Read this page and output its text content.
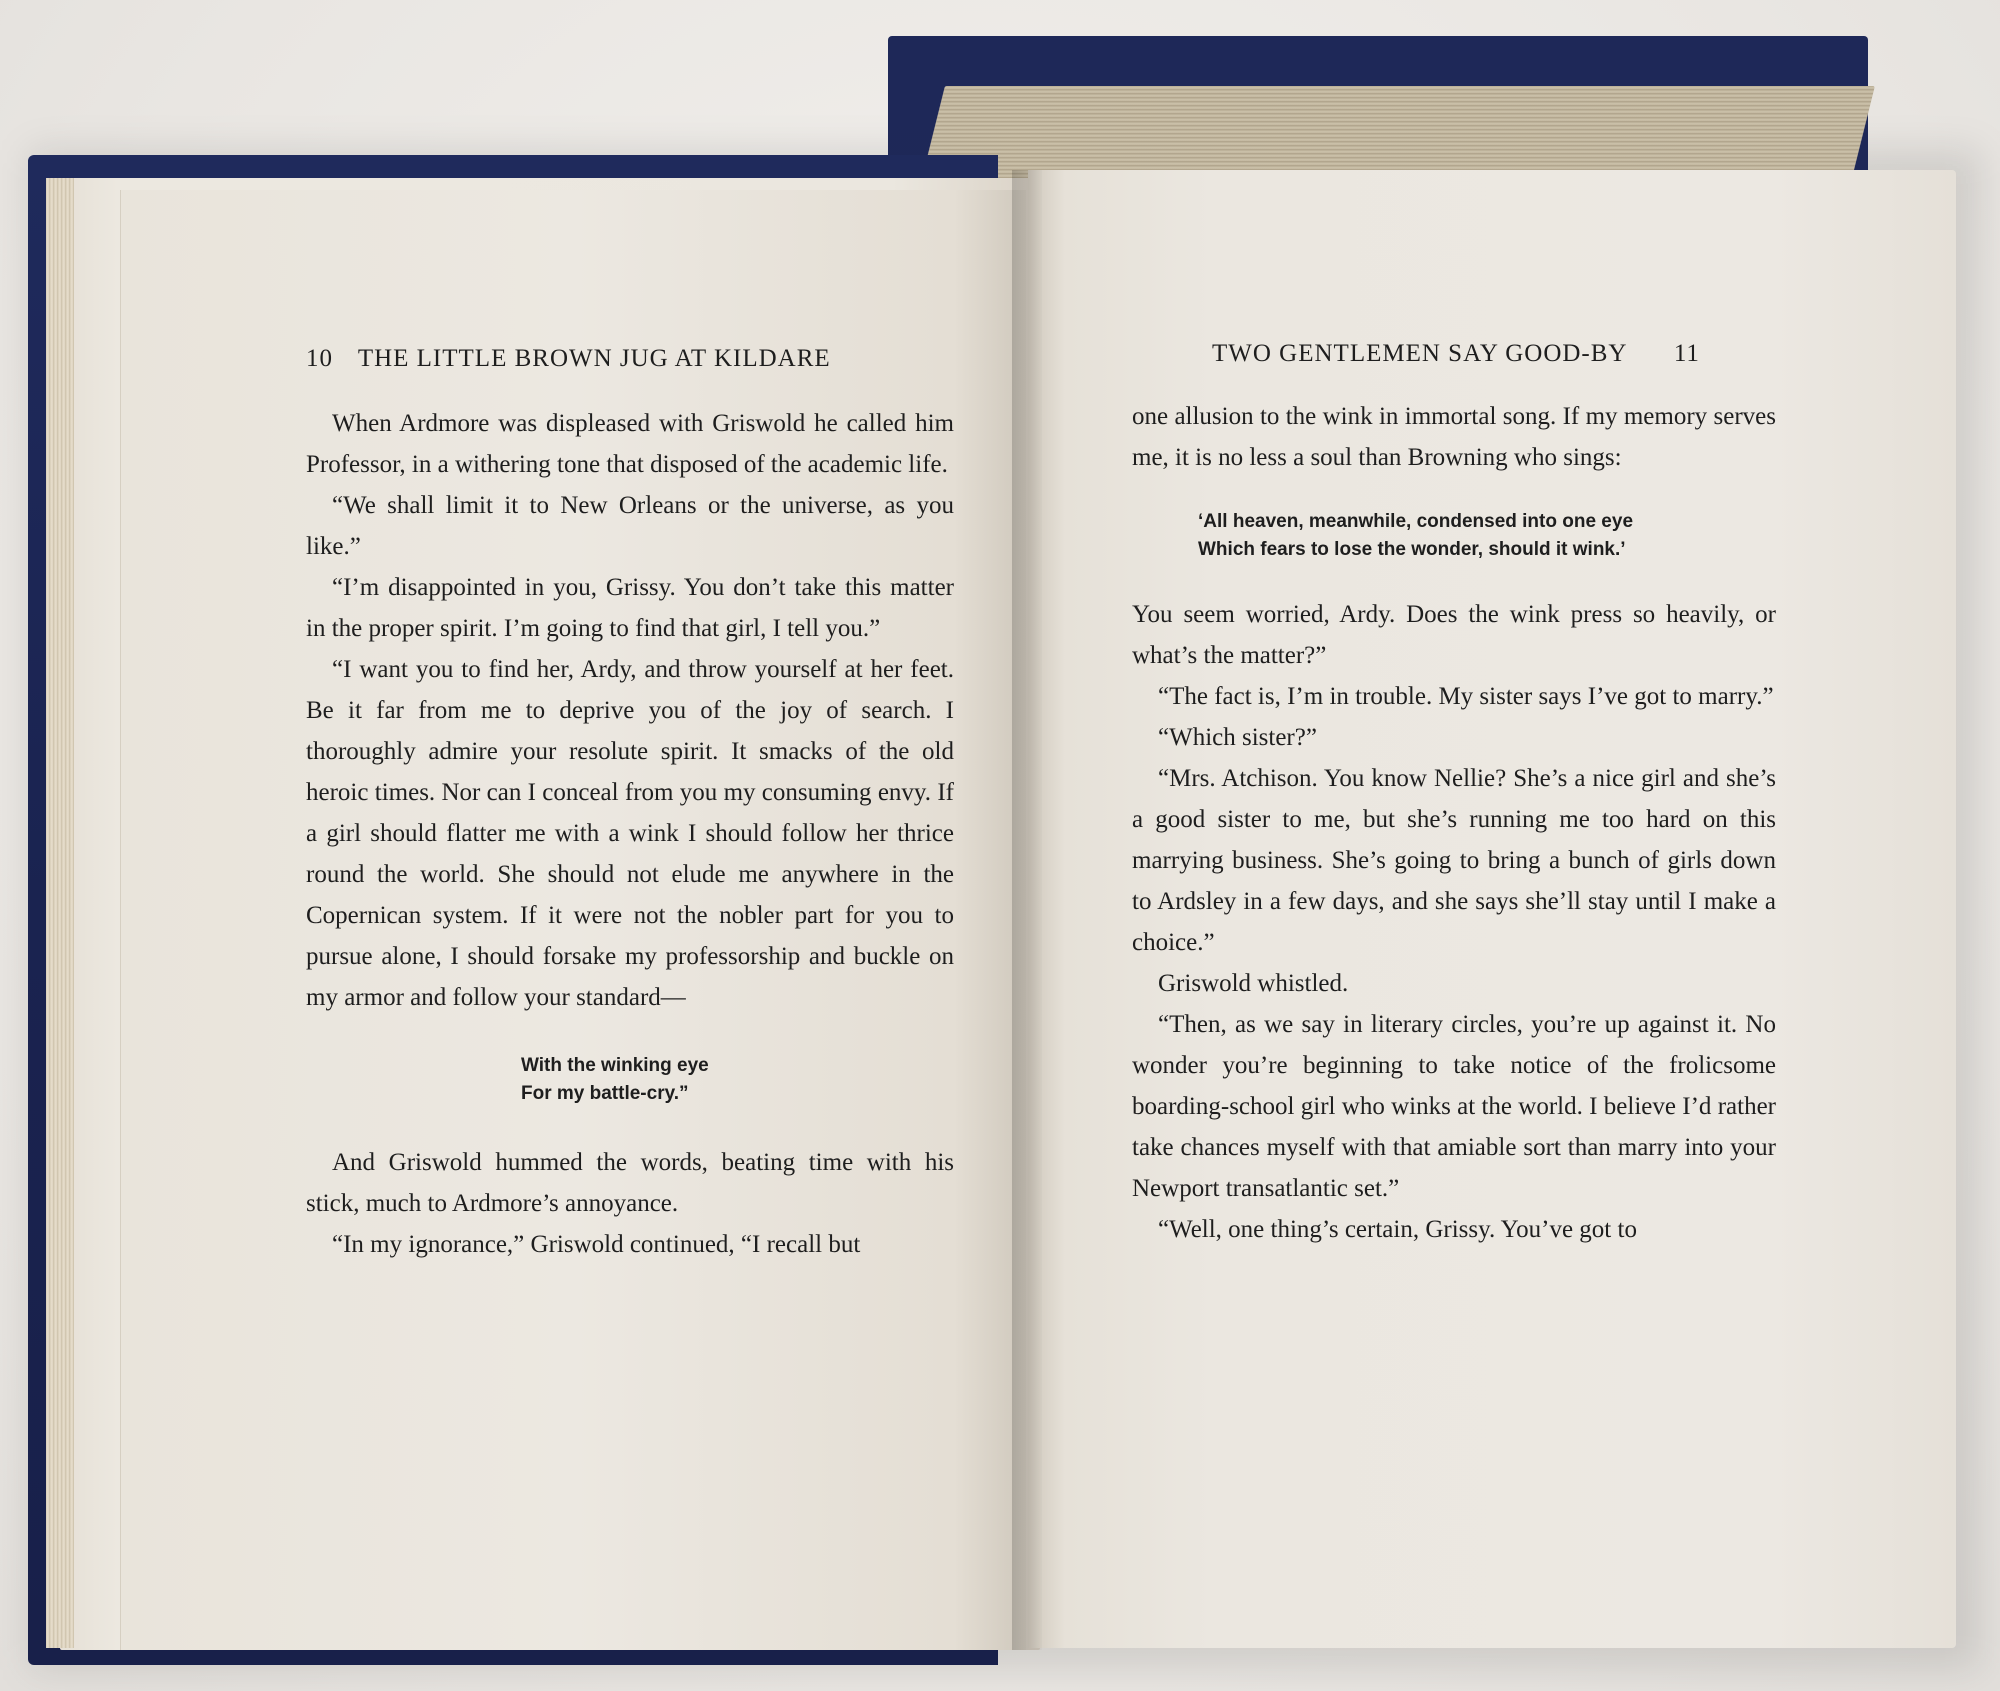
10 THE LITTLE BROWN JUG AT KILDARE

When Ardmore was displeased with Griswold he called him Professor, in a withering tone that disposed of the academic life.

“We shall limit it to New Orleans or the universe, as you like.”

“I’m disappointed in you, Grissy. You don’t take this matter in the proper spirit. I’m going to find that girl, I tell you.”

“I want you to find her, Ardy, and throw yourself at her feet. Be it far from me to deprive you of the joy of search. I thoroughly admire your resolute spirit. It smacks of the old heroic times. Nor can I conceal from you my consuming envy. If a girl should flatter me with a wink I should follow her thrice round the world. She should not elude me anywhere in the Copernican system. If it were not the nobler part for you to pursue alone, I should forsake my professorship and buckle on my armor and follow your standard—

With the winking eye
For my battle-cry.”

And Griswold hummed the words, beating time with his stick, much to Ardmore’s annoyance.

“In my ignorance,” Griswold continued, “I recall but

TWO GENTLEMEN SAY GOOD-BY 11

one allusion to the wink in immortal song. If my memory serves me, it is no less a soul than Browning who sings:

‘All heaven, meanwhile, condensed into one eye
Which fears to lose the wonder, should it wink.’

You seem worried, Ardy. Does the wink press so heavily, or what’s the matter?”

“The fact is, I’m in trouble. My sister says I’ve got to marry.”

“Which sister?”

“Mrs. Atchison. You know Nellie? She’s a nice girl and she’s a good sister to me, but she’s running me too hard on this marrying business. She’s going to bring a bunch of girls down to Ardsley in a few days, and she says she’ll stay until I make a choice.”

Griswold whistled.

“Then, as we say in literary circles, you’re up against it. No wonder you’re beginning to take notice of the frolicsome boarding-school girl who winks at the world. I believe I’d rather take chances myself with that amiable sort than marry into your Newport transatlantic set.”

“Well, one thing’s certain, Grissy. You’ve got to
